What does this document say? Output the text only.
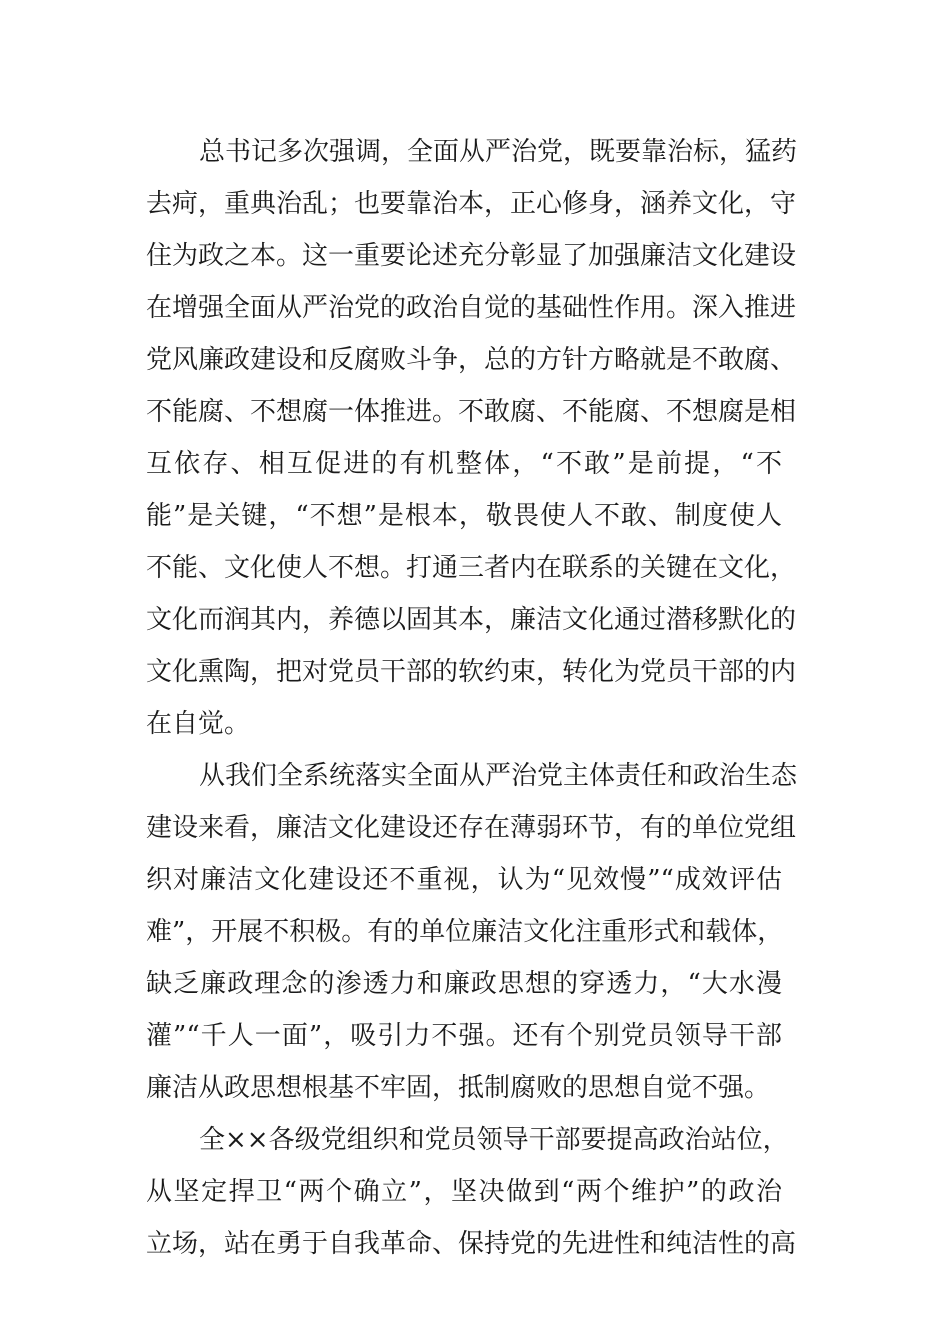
总书记多次强调，全面从严治党，既要靠治标，猛药
去疴，重典治乱；也要靠治本，正心修身，涵养文化，守
住为政之本。这一重要论述充分彰显了加强廉洁文化建设
在增强全面从严治党的政治自觉的基础性作用。深入推进
党风廉政建设和反腐败斗争，总的方针方略就是不敢腐、
不能腐、不想腐一体推进。不敢腐、不能腐、不想腐是相
互依存、相互促进的有机整体，“不敢”是前提，“不
能”是关键，“不想”是根本，敬畏使人不敢、制度使人
不能、文化使人不想。打通三者内在联系的关键在文化，
文化而润其内，养德以固其本，廉洁文化通过潜移默化的
文化熏陶，把对党员干部的软约束，转化为党员干部的内
在自觉。
从我们全系统落实全面从严治党主体责任和政治生态
建设来看，廉洁文化建设还存在薄弱环节，有的单位党组
织对廉洁文化建设还不重视，认为“见效慢”“成效评估
难”，开展不积极。有的单位廉洁文化注重形式和载体，
缺乏廉政理念的渗透力和廉政思想的穿透力，“大水漫
灌”“千人一面”，吸引力不强。还有个别党员领导干部
廉洁从政思想根基不牢固，抵制腐败的思想自觉不强。
全××各级党组织和党员领导干部要提高政治站位，
从坚定捍卫“两个确立”，坚决做到“两个维护”的政治
立场，站在勇于自我革命、保持党的先进性和纯洁性的高
